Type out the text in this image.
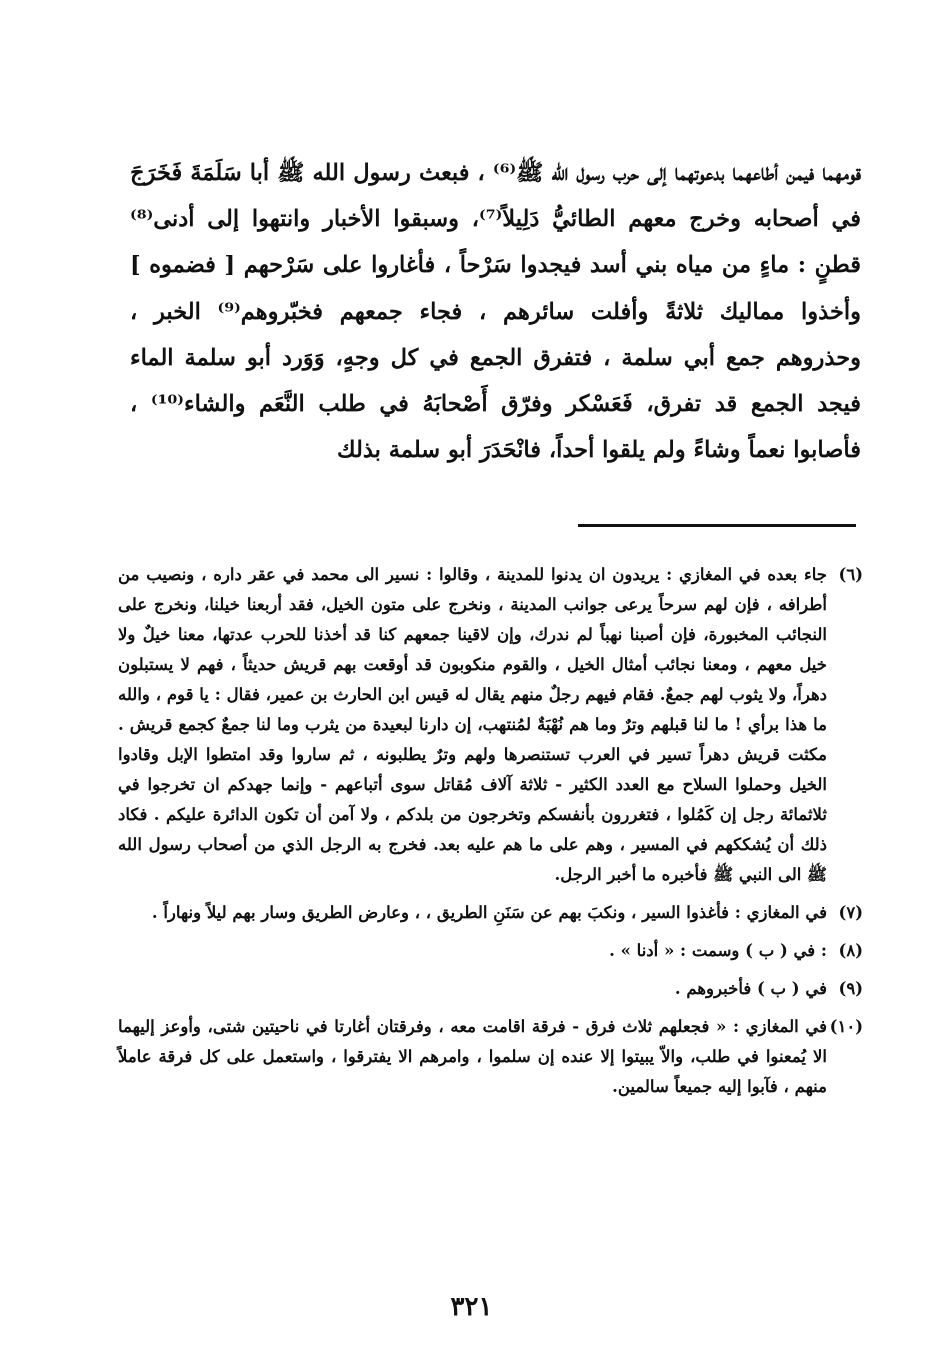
قومهما فيمن أطاعهما بدعوتهما إلى حرب رسول الله ﷺ⁽⁶⁾ ، فبعث رسول الله ﷺ أبا سَلَمَةَ فَخَرَجَ في أصحابه وخرج معهم الطائيُّ دَلِيلاً⁽⁷⁾، وسبقوا الأخبار وانتهوا إلى أدنى⁽⁸⁾ قطنٍ : ماءٍ من مياه بني أسد فيجدوا سَرْحاً ، فأغاروا على سَرْحهم [ فضموه ] وأخذوا مماليك ثلاثةً وأفلت سائرهم ، فجاء جمعهم فخبّروهم⁽⁹⁾ الخبر ، وحذروهم جمع أبي سلمة ، فتفرق الجمع في كل وجهٍ، وَوَرد أبو سلمة الماء فيجد الجمع قد تفرق، فَعَسْكر وفرّق أَصْحابَهُ في طلب النَّعَم والشاء⁽¹⁰⁾ ، فأصابوا نعماً وشاءً ولم يلقوا أحداً، فانْحَدَرَ أبو سلمة بذلك

(٦)
جاء بعده في المغازي : يريدون ان يدنوا للمدينة ، وقالوا : نسير الى محمد في عقر داره ، ونصيب من أطرافه ، فإن لهم سرحاً يرعى جوانب المدينة ، ونخرج على متون الخيل، فقد أربعنا خيلنا، ونخرج على النجائب المخبورة، فإن أصبنا نهباً لم ندرك، وإن لاقينا جمعهم كنا قد أخذنا للحرب عدتها، معنا خيلٌ ولا خيل معهم ، ومعنا نجائب أمثال الخيل ، والقوم منكوبون قد أوقعت بهم قريش حديثاً ، فهم لا يستبلون دهراً، ولا يثوب لهم جمعٌ. فقام فيهم رجلٌ منهم يقال له قيس ابن الحارث بن عمير، فقال : يا قوم ، والله ما هذا برأي ! ما لنا قبلهم وترٌ وما هم نُهْبَةٌ لمُنتهب، إن دارنا لبعيدة من يثرب وما لنا جمعٌ كجمع قريش . مكثت قريش دهراً تسير في العرب تستنصرها ولهم وترٌ يطلبونه ، ثم ساروا وقد امتطوا الإبل وقادوا الخيل وحملوا السلاح مع العدد الكثير - ثلاثة آلاف مُقاتل سوى أتباعهم - وإنما جهدكم ان تخرجوا في ثلاثمائة رجل إن كَمُلوا ، فتغررون بأنفسكم وتخرجون من بلدكم ، ولا آمن أن تكون الدائرة عليكم . فكاد ذلك أن يُشككهم في المسير ، وهم على ما هم عليه بعد. فخرج به الرجل الذي من أصحاب رسول الله ﷺ الى النبي ﷺ فأخبره ما أخبر الرجل.
(٧)
في المغازي : فأغذوا السير ، ونكبَ بهم عن سَنَنِ الطريق ، ، وعارض الطريق وسار بهم ليلاً ونهاراً .
(٨)
: في ( ب ) وسمت : « أدنا » .
(٩)
في ( ب ) فأخبروهم .
(١٠)
في المغازي : « فجعلهم ثلاث فرق - فرقة اقامت معه ، وفرقتان أغارتا في ناحيتين شتى، وأوعز إليهما الا يُمعنوا في طلب، والاّ يبيتوا إلا عنده إن سلموا ، وامرهم الا يفترقوا ، واستعمل على كل فرقة عاملاً منهم ، فآبوا إليه جميعاً سالمين.
٣٢١
